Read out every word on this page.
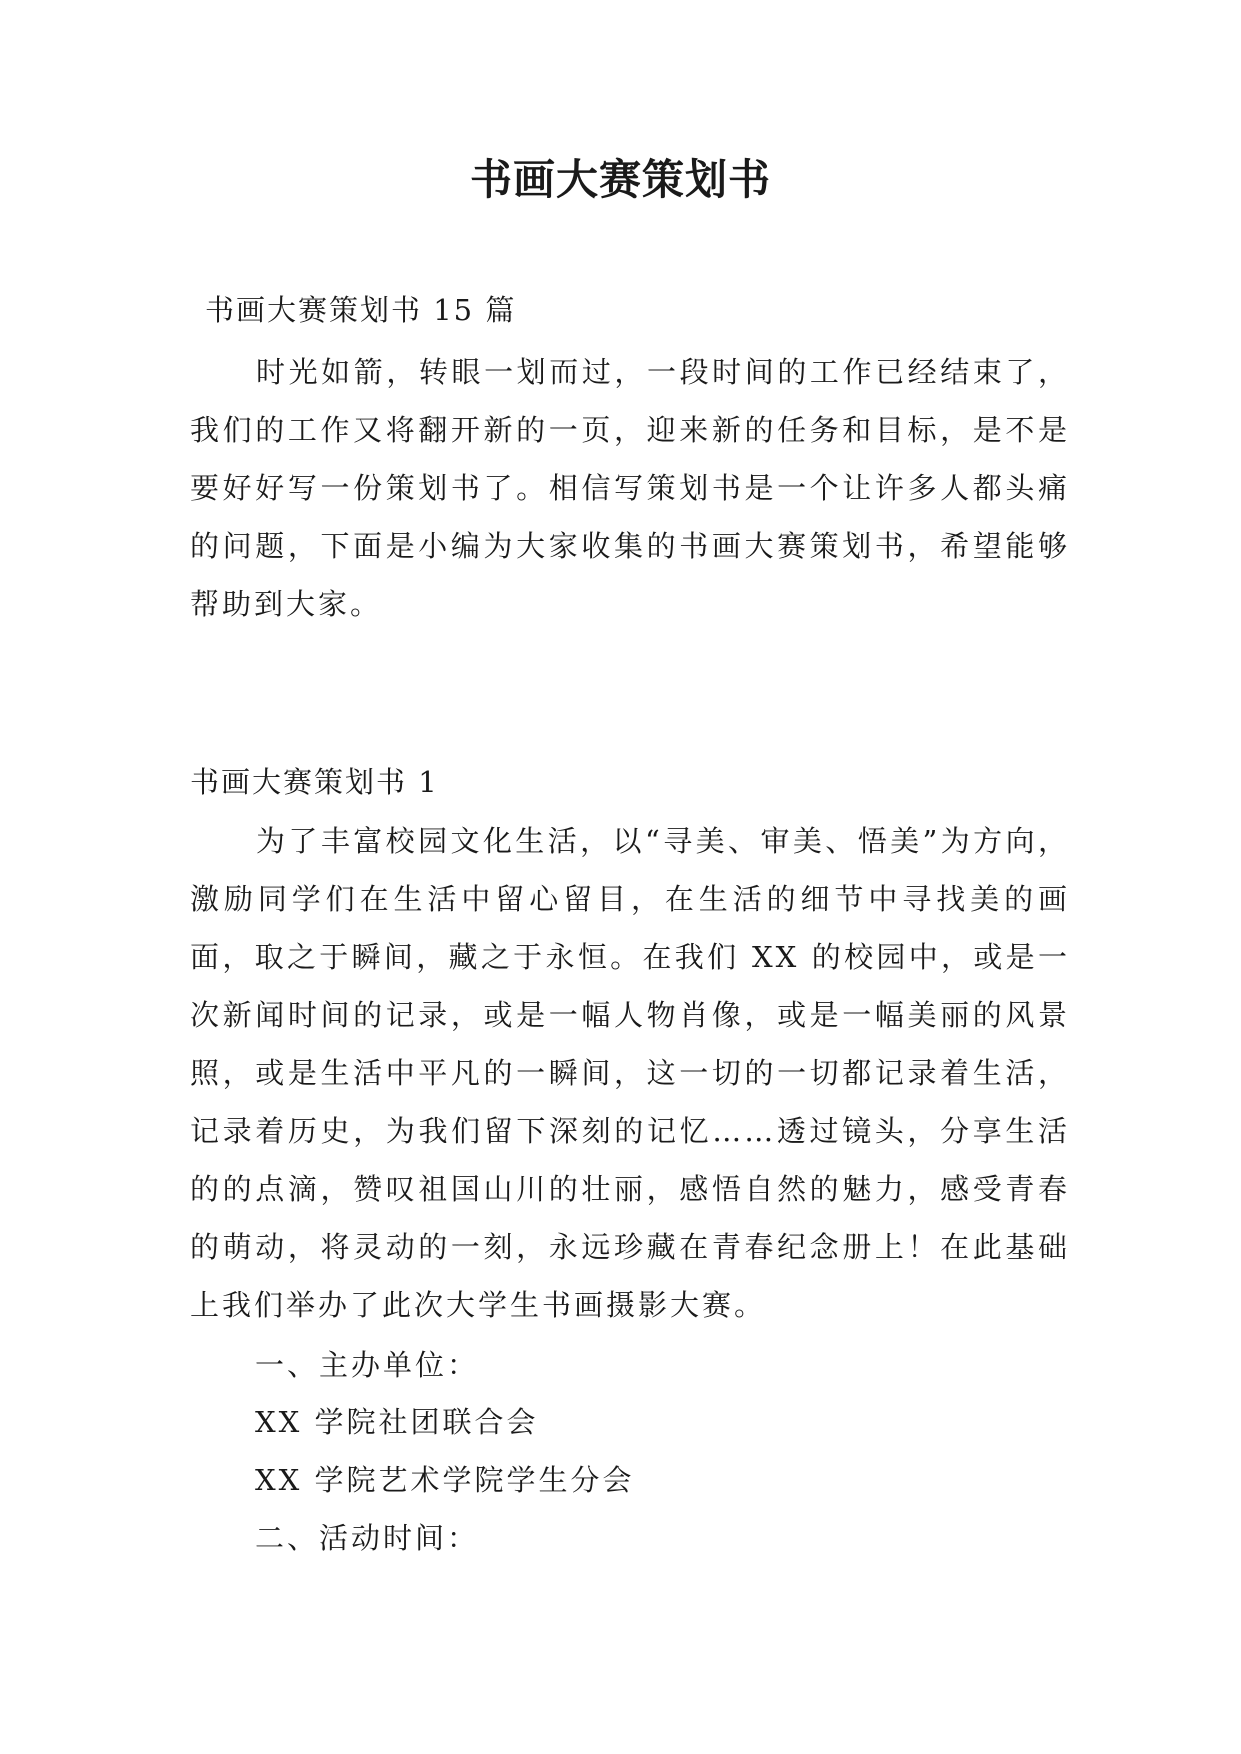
书画大赛策划书

书画大赛策划书 15 篇

时光如箭，转眼一划而过，一段时间的工作已经结束了，我们的工作又将翻开新的一页，迎来新的任务和目标，是不是要好好写一份策划书了。相信写策划书是一个让许多人都头痛的问题，下面是小编为大家收集的书画大赛策划书，希望能够帮助到大家。

书画大赛策划书 1

为了丰富校园文化生活，以“寻美、审美、悟美”为方向，激励同学们在生活中留心留目，在生活的细节中寻找美的画面，取之于瞬间，藏之于永恒。在我们 XX 的校园中，或是一次新闻时间的记录，或是一幅人物肖像，或是一幅美丽的风景照，或是生活中平凡的一瞬间，这一切的一切都记录着生活，记录着历史，为我们留下深刻的记忆……透过镜头，分享生活的的点滴，赞叹祖国山川的壮丽，感悟自然的魅力，感受青春的萌动，将灵动的一刻，永远珍藏在青春纪念册上！在此基础上我们举办了此次大学生书画摄影大赛。

一、主办单位：

XX 学院社团联合会

XX 学院艺术学院学生分会

二、活动时间：
